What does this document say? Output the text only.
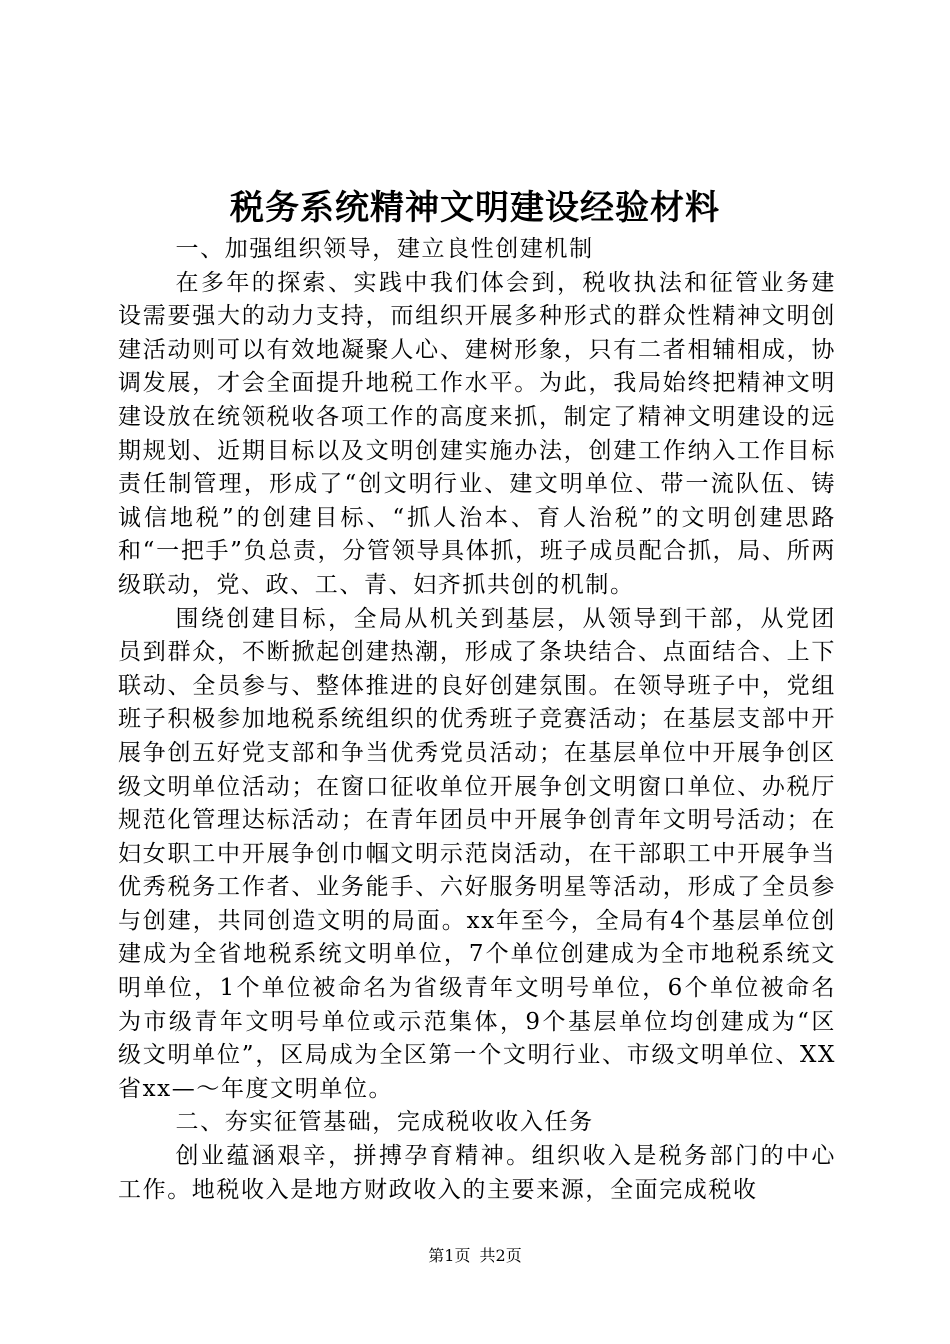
税务系统精神文明建设经验材料

一、加强组织领导，建立良性创建机制

在多年的探索、实践中我们体会到，税收执法和征管业务建设需要强大的动力支持，而组织开展多种形式的群众性精神文明创建活动则可以有效地凝聚人心、建树形象，只有二者相辅相成，协调发展，才会全面提升地税工作水平。为此，我局始终把精神文明建设放在统领税收各项工作的高度来抓，制定了精神文明建设的远期规划、近期目标以及文明创建实施办法，创建工作纳入工作目标责任制管理，形成了“创文明行业、建文明单位、带一流队伍、铸诚信地税”的创建目标、“抓人治本、育人治税”的文明创建思路和“一把手”负总责，分管领导具体抓，班子成员配合抓，局、所两级联动，党、政、工、青、妇齐抓共创的机制。

围绕创建目标，全局从机关到基层，从领导到干部，从党团员到群众，不断掀起创建热潮，形成了条块结合、点面结合、上下联动、全员参与、整体推进的良好创建氛围。在领导班子中，党组班子积极参加地税系统组织的优秀班子竞赛活动；在基层支部中开展争创五好党支部和争当优秀党员活动；在基层单位中开展争创区级文明单位活动；在窗口征收单位开展争创文明窗口单位、办税厅规范化管理达标活动；在青年团员中开展争创青年文明号活动；在妇女职工中开展争创巾帼文明示范岗活动，在干部职工中开展争当优秀税务工作者、业务能手、六好服务明星等活动，形成了全员参与创建，共同创造文明的局面。xx年至今，全局有4个基层单位创建成为全省地税系统文明单位，7个单位创建成为全市地税系统文明单位，1个单位被命名为省级青年文明号单位，6个单位被命名为市级青年文明号单位或示范集体，9个基层单位均创建成为“区级文明单位”，区局成为全区第一个文明行业、市级文明单位、XX省xx—～年度文明单位。

二、夯实征管基础，完成税收收入任务

创业蕴涵艰辛，拼搏孕育精神。组织收入是税务部门的中心工作。地税收入是地方财政收入的主要来源，全面完成税收

第1页 共2页
